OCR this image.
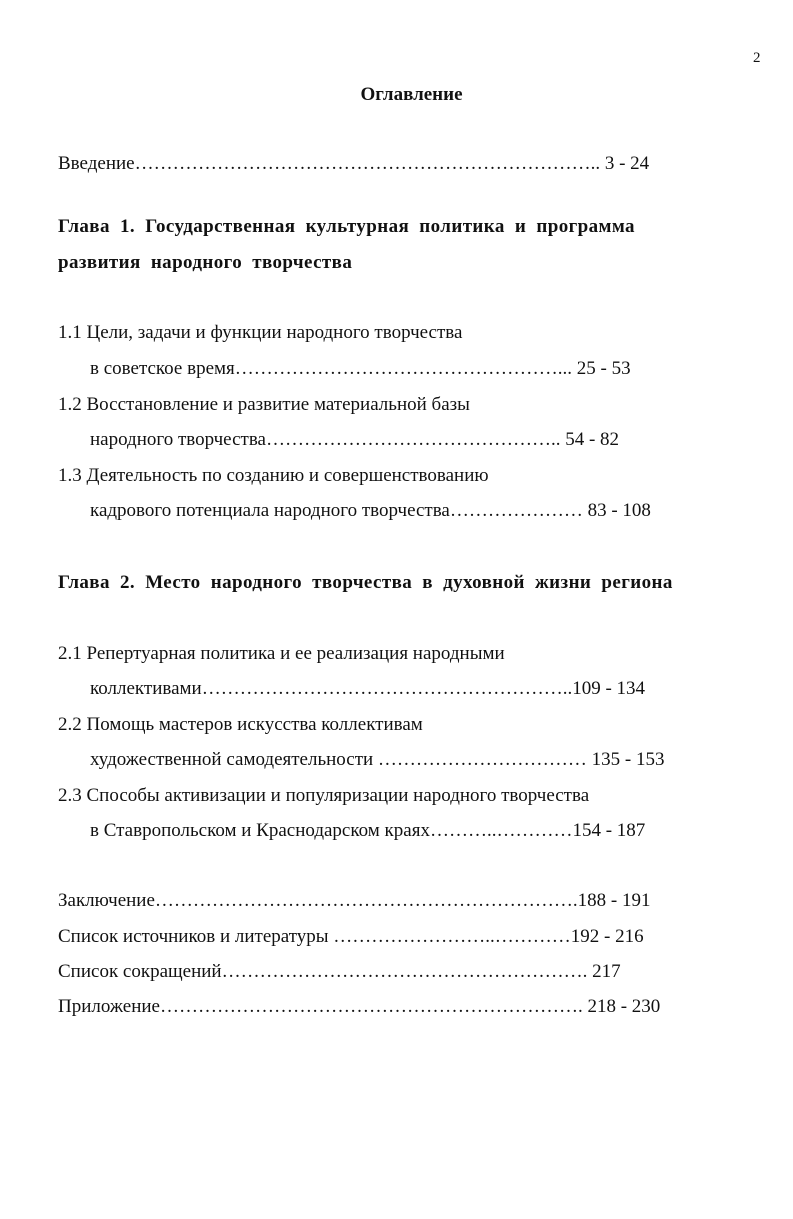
2
Оглавление
Введение……………………………………………………………….. 3 - 24
Глава 1. Государственная культурная политика и программа
развития народного творчества
1.1 Цели, задачи и функции народного творчества
в советское время……………………………………………... 25 - 53
1.2 Восстановление и развитие материальной базы
народного творчества……………………………………….. 54 - 82
1.3 Деятельность по созданию и совершенствованию
кадрового потенциала народного творчества………………… 83 - 108
Глава 2. Место народного творчества в духовной жизни региона
2.1 Репертуарная политика и ее реализация народными
коллективами…………………………………………………..109 - 134
2.2 Помощь мастеров искусства коллективам
художественной самодеятельности …………………………… 135 - 153
2.3 Способы активизации и популяризации народного творчества
в Ставропольском и Краснодарском краях………..…………154 - 187
Заключение………………………………………………………….188 - 191
Список источников и литературы ……………………..…………192 - 216
Список сокращений…………………………………………………. 217
Приложение…………………………………………………………. 218 - 230
